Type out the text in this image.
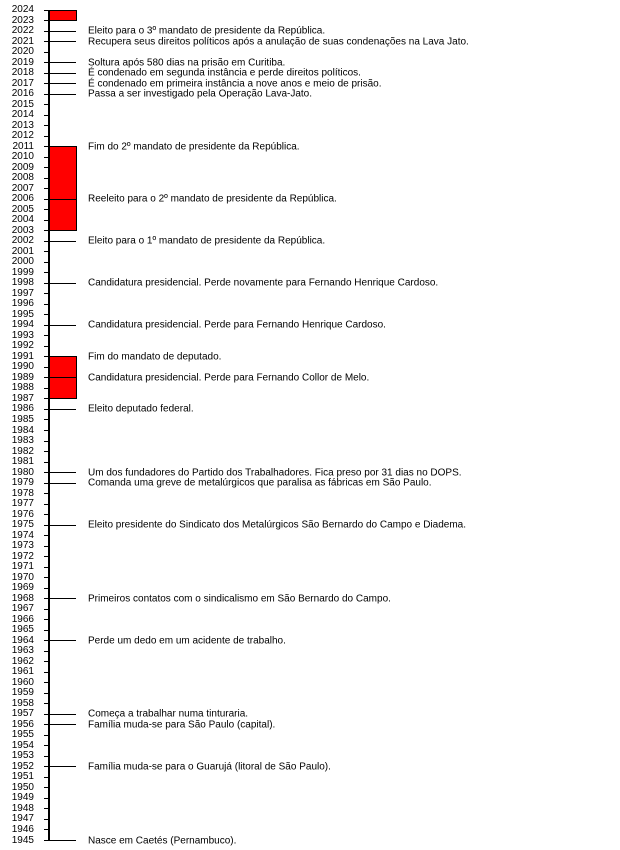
2024
2023
2022
2021
2020
2019
2018
2017
2016
2015
2014
2013
2012
2011
2010
2009
2008
2007
2006
2005
2004
2003
2002
2001
2000
1999
1998
1997
1996
1995
1994
1993
1992
1991
1990
1989
1988
1987
1986
1985
1984
1983
1982
1981
1980
1979
1978
1977
1976
1975
1974
1973
1972
1971
1970
1969
1968
1967
1966
1965
1964
1963
1962
1961
1960
1959
1958
1957
1956
1955
1954
1953
1952
1951
1950
1949
1948
1947
1946
1945
Eleito para o 3º mandato de presidente da República.
Recupera seus direitos políticos após a anulação de suas condenações na Lava Jato.
Soltura após 580 dias na prisão em Curitiba.
É condenado em segunda instância e perde direitos políticos.
É condenado em primeira instância a nove anos e meio de prisão.
Passa a ser investigado pela Operação Lava-Jato.
Fim do 2º mandato de presidente da República.
Reeleito para o 2º mandato de presidente da República.
Eleito para o 1º mandato de presidente da República.
Candidatura presidencial. Perde novamente para Fernando Henrique Cardoso.
Candidatura presidencial. Perde para Fernando Henrique Cardoso.
Fim do mandato de deputado.
Candidatura presidencial. Perde para Fernando Collor de Melo.
Eleito deputado federal.
Um dos fundadores do Partido dos Trabalhadores. Fica preso por 31 dias no DOPS.
Comanda uma greve de metalúrgicos que paralisa as fábricas em São Paulo.
Eleito presidente do Sindicato dos Metalúrgicos São Bernardo do Campo e Diadema.
Primeiros contatos com o sindicalismo em São Bernardo do Campo.
Perde um dedo em um acidente de trabalho.
Começa a trabalhar numa tinturaria.
Família muda-se para São Paulo (capital).
Família muda-se para o Guarujá (litoral de São Paulo).
Nasce em Caetés (Pernambuco).
